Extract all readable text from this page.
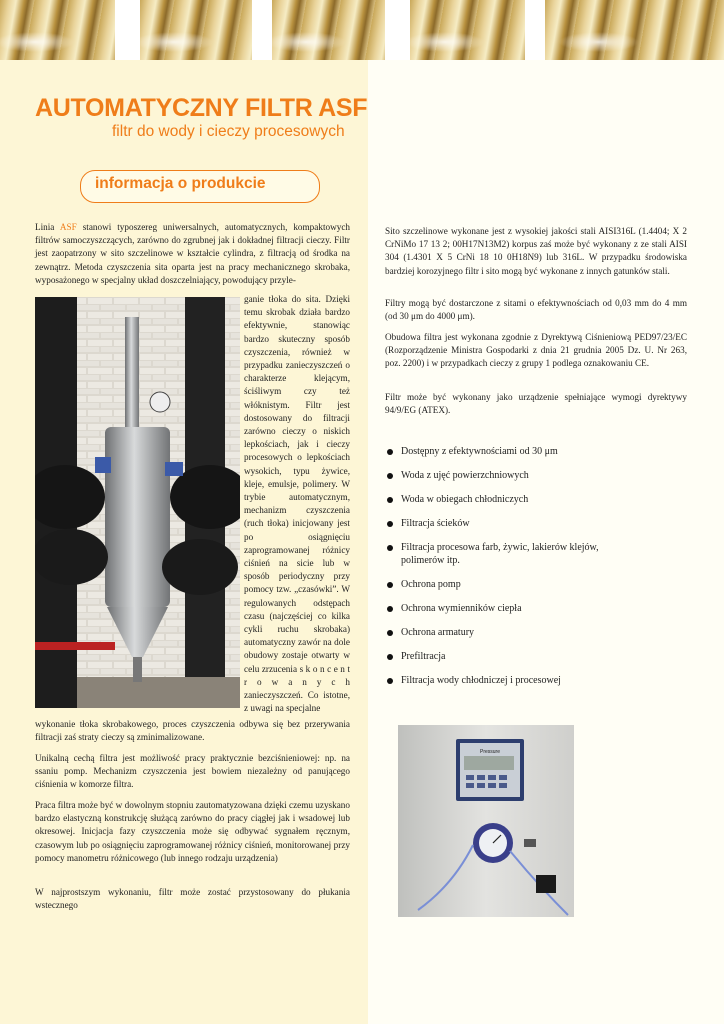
AUTOMATYCZNY FILTR ASF
filtr do wody i cieczy procesowych
informacja o produkcie

Linia ASF stanowi typoszereg uniwersalnych, automatycznych, kompaktowych filtrów samoczyszczących, zarówno do zgrubnej jak i dokładnej filtracji cieczy. Filtr jest zaopatrzony w sito szczelinowe w kształcie cylindra, z filtracją od środka na zewnątrz. Metoda czyszczenia sita oparta jest na pracy mechanicznego skrobaka, wyposażonego w specjalny układ doszczelniający, powodujący przyle-

ganie tłoka do sita. Dzięki temu skrobak działa bardzo efektywnie, stanowiąc bardzo skuteczny sposób czyszczenia, również w przypadku zanieczyszczeń o charakterze klejącym, ściśliwym czy też włóknistym. Filtr jest dostosowany do filtracji zarówno cieczy o niskich lepkościach, jak i cieczy procesowych o lepkościach wysokich, typu żywice, kleje, emulsje, polimery. W trybie automatycznym, mechanizm czyszczenia (ruch tłoka) inicjowany jest po osiągnięciu zaprogramowanej różnicy ciśnień na sicie lub w sposób periodyczny przy pomocy tzw. „czasówki”. W regulowanych odstępach czasu (najczęściej co kilka cykli ruchu skrobaka) automatyczny zawór na dole obudowy zostaje otwarty w celu zrzucenia s k o n c e n t r o w a n y c h zanieczyszczeń. Co istotne, z uwagi na specjalne

wykonanie tłoka skrobakowego, proces czyszczenia odbywa się bez przerywania filtracji zaś straty cieczy są zminimalizowane.

Unikalną cechą filtra jest możliwość pracy praktycznie bezciśnieniowej: np. na ssaniu pomp. Mechanizm czyszczenia jest bowiem niezależny od panującego ciśnienia w komorze filtra.

Praca filtra może być w dowolnym stopniu zautomatyzowana dzięki czemu uzyskano bardzo elastyczną konstrukcję służącą zarówno do pracy ciągłej jak i wsadowej lub okresowej. Inicjacja fazy czyszczenia może się odbywać sygnałem ręcznym, czasowym lub po osiągnięciu zaprogramowanej różnicy ciśnień, monitorowanej przy pomocy manometru różnicowego (lub innego rodzaju urządzenia)

W najprostszym wykonaniu, filtr może zostać przystosowany do płukania wstecznego

Sito szczelinowe wykonane jest z wysokiej jakości stali AISI316L (1.4404; X 2 CrNiMo 17 13 2; 00H17N13M2) korpus zaś może być wykonany z ze stali AISI 304 (1.4301 X 5 CrNi 18 10 0H18N9) lub 316L. W przypadku środowiska bardziej korozyjnego filtr i sito mogą być wykonane z innych gatunków stali.

Filtry mogą być dostarczone z sitami o efektywnościach od 0,03 mm do 4 mm (od 30 μm do 4000 μm).

Obudowa filtra jest wykonana zgodnie z Dyrektywą Ciśnieniową PED97/23/EC (Rozporządzenie Ministra Gospodarki z dnia 21 grudnia 2005 Dz. U. Nr 263, poz. 2200) i w przypadkach cieczy z grupy 1 podlega oznakowaniu CE.

Filtr może być wykonany jako urządzenie spełniające wymogi dyrektywy 94/9/EG (ATEX).

Dostępny z efektywnościami od 30 μm
Woda z ujęć powierzchniowych
Woda w obiegach chłodniczych
Filtracja ścieków
Filtracja procesowa farb, żywic, lakierów klejów, polimerów itp.
Ochrona pomp
Ochrona wymienników ciepła
Ochrona armatury
Prefiltracja
Filtracja wody chłodniczej i procesowej
Pressure
